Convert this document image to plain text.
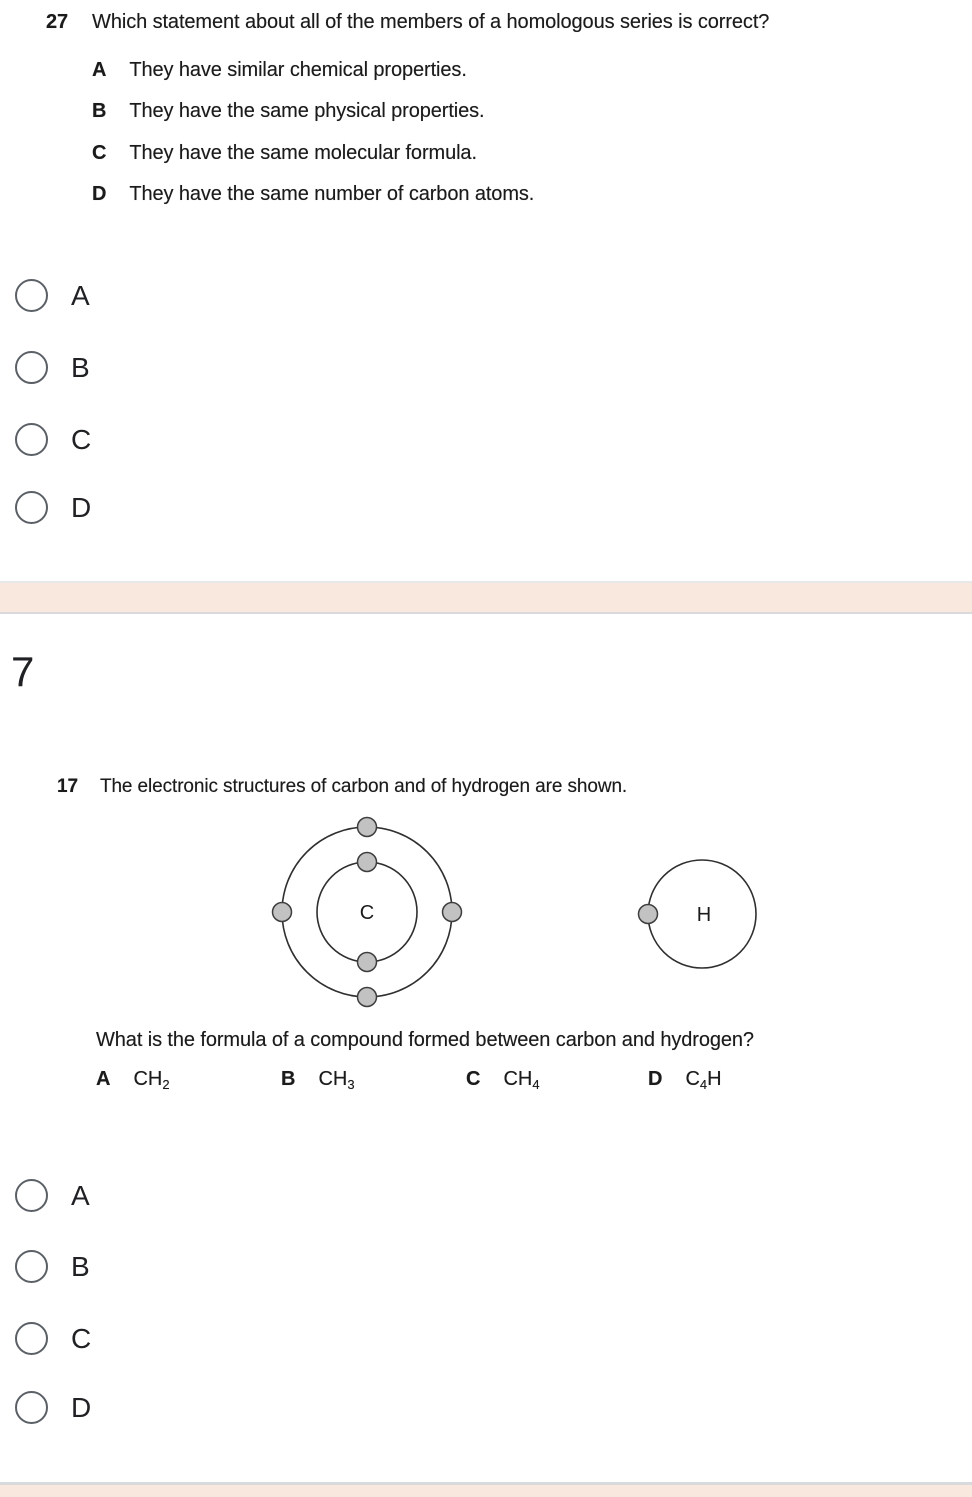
27 Which statement about all of the members of a homologous series is correct?
A They have similar chemical properties.
B They have the same physical properties.
C They have the same molecular formula.
D They have the same number of carbon atoms.
A
B
C
D
7
17 The electronic structures of carbon and of hydrogen are shown.
C	H
What is the formula of a compound formed between carbon and hydrogen?
A $CH_2$	B $CH_3$	C $CH_4$	D $C_4H$
A
B
C
D
